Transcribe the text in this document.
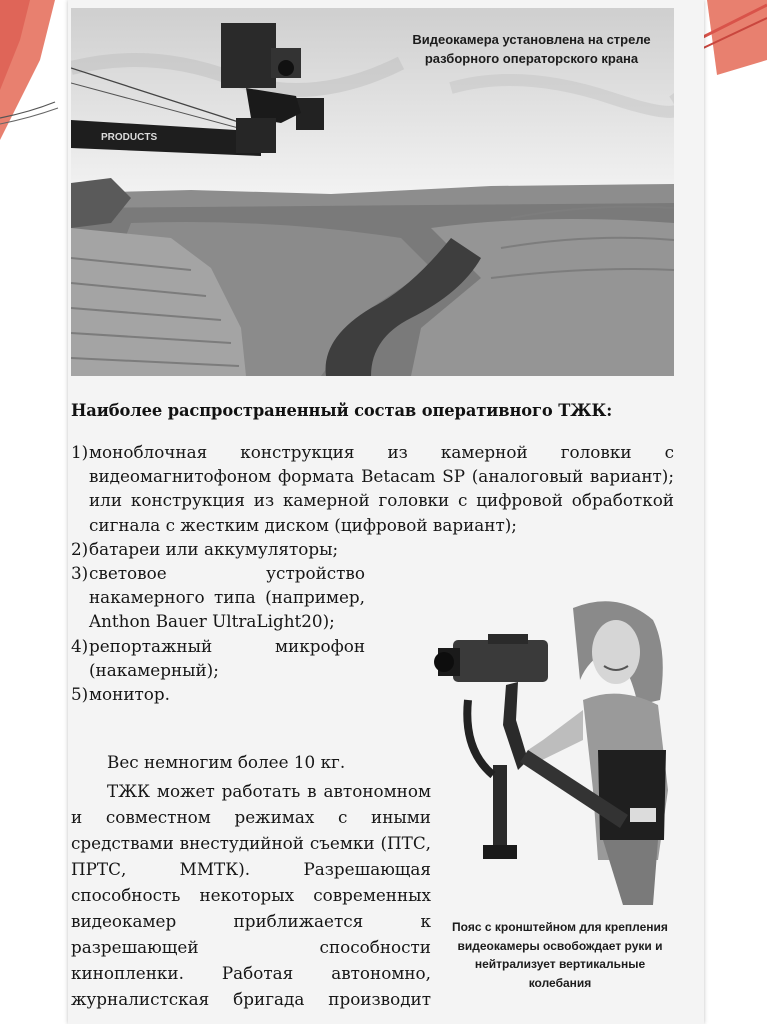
PRODUCTS
Видеокамера установлена на стреле разборного операторского крана
Наиболее распространенный состав оперативного ТЖК:
1) моноблочная конструкция из камерной головки с видеомагнитофоном формата Betacam SP (аналоговый вариант); или конструкция из камерной головки с цифровой обработкой сигнала с жестким диском (цифровой вариант);
2) батареи или аккумуляторы;
3) световое устройство накамерного типа (например, Anthon Bauer UltraLight20);
4) репортажный микрофон (накамерный);
5) монитор.
Вес немногим более 10 кг.
ТЖК может работать в автономном и совместном режимах с иными средствами внестудийной съемки (ПТС, ПРТС, ММТК). Разрешающая способность некоторых современных видеокамер приближается к разрешающей способности кинопленки. Работая автономно, журналистская бригада производит
Пояс с кронштейном для крепления видеокамеры освобождает руки и нейтрализует вертикальные колебания
